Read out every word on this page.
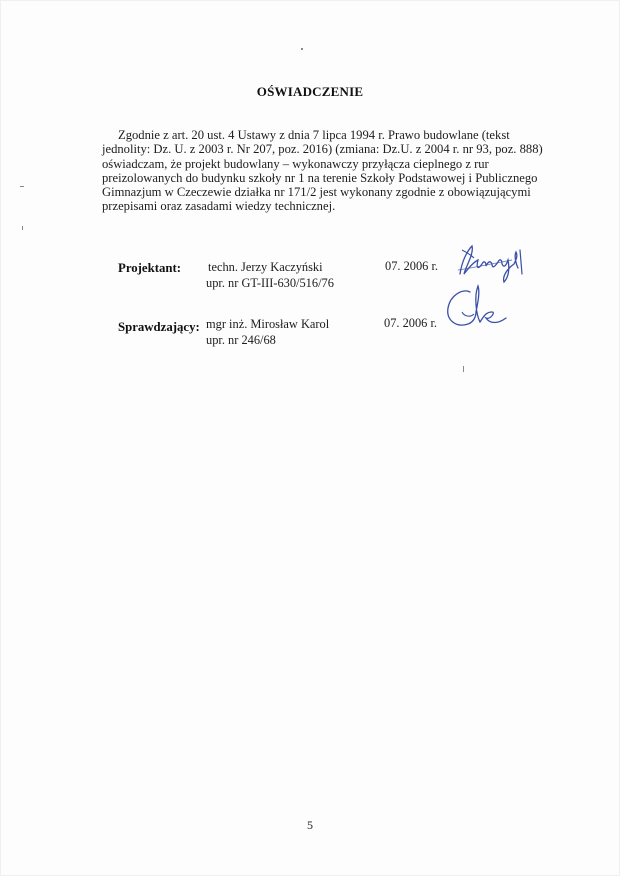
OŚWIADCZENIE
Zgodnie z art. 20 ust. 4 Ustawy z dnia 7 lipca 1994 r. Prawo budowlane (tekst
jednolity: Dz. U. z 2003 r. Nr 207, poz. 2016) (zmiana: Dz.U. z 2004 r. nr 93, poz. 888)
oświadczam, że projekt budowlany – wykonawczy przyłącza cieplnego z rur
preizolowanych do budynku szkoły nr 1 na terenie Szkoły Podstawowej i Publicznego
Gimnazjum w Czeczewie działka nr 171/2 jest wykonany zgodnie z obowiązującymi
przepisami oraz zasadami wiedzy technicznej.
Projektant: techn. Jerzy Kaczyński
upr. nr GT-III-630/516/76
07. 2006 r.
Sprawdzający: mgr inż. Mirosław Karol
upr. nr 246/68
07. 2006 r.
5
